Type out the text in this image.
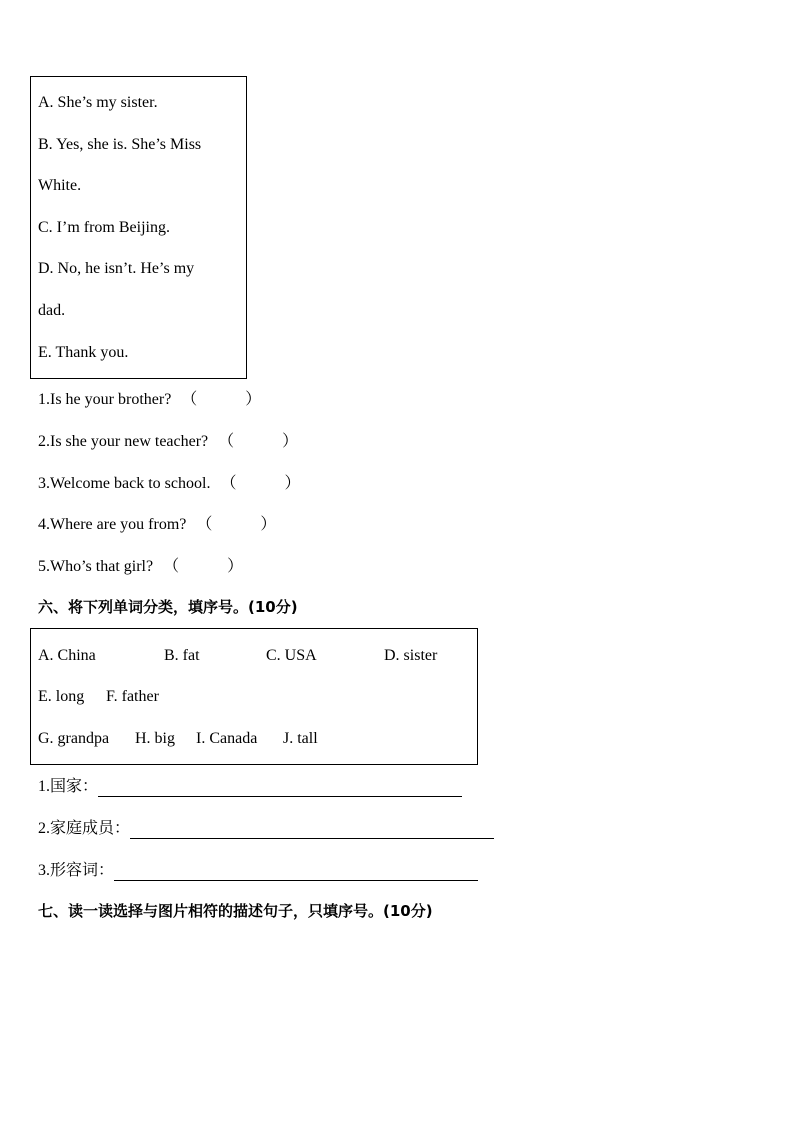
A. She’s my sister.
B. Yes, she is. She’s Miss
White.
C. I’m from Beijing.
D. No, he isn’t. He’s my
dad.
E. Thank you.
1.Is he your brother? （　　　）
2.Is she your new teacher? （　　　）
3.Welcome back to school. （　　　）
4.Where are you from? （　　　）
5.Who’s that girl? （　　　）
六、将下列单词分类，填序号。(10分)
A. China	B. fat	C. USA	D. sister
E. long F. father
G. grandpa H. big I. Canada J. tall
1.国家：
2.家庭成员：
3.形容词：
七、读一读选择与图片相符的描述句子，只填序号。(10分)
